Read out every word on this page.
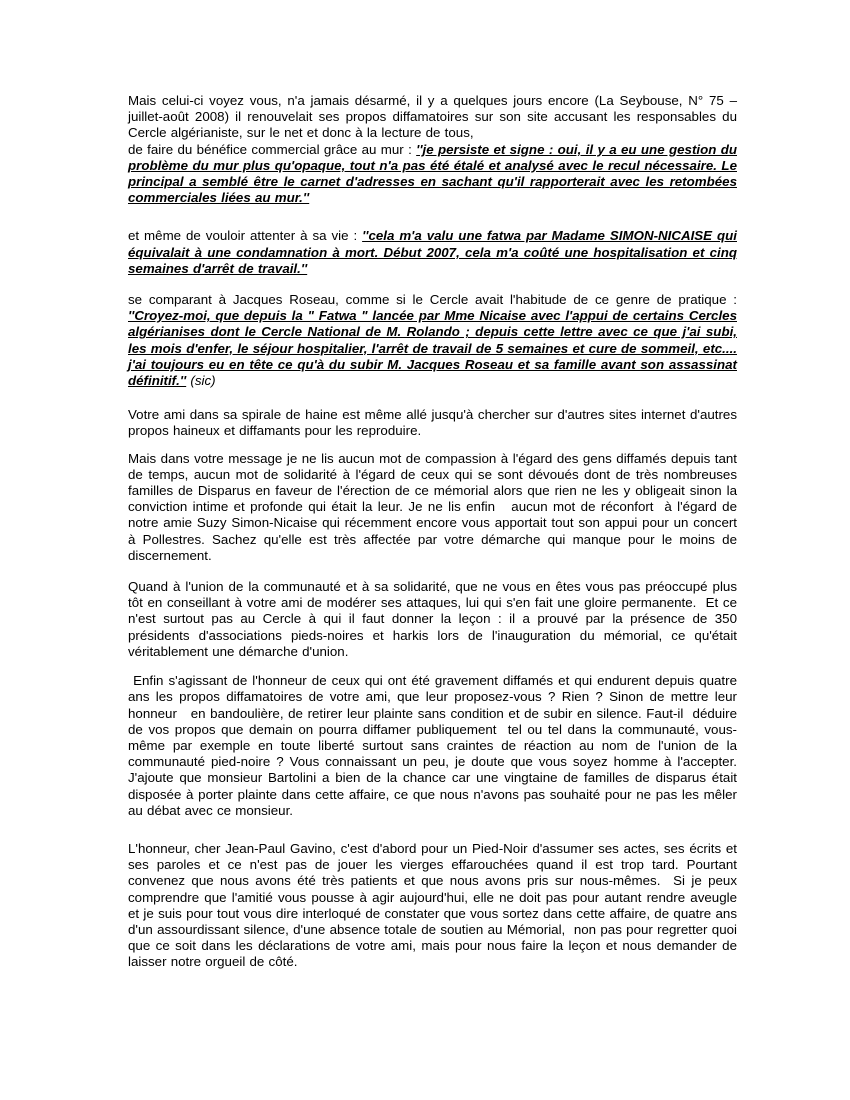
Mais celui-ci voyez vous, n'a jamais désarmé, il y a quelques jours encore (La Seybouse, N° 75 – juillet-août 2008) il renouvelait ses propos diffamatoires sur son site accusant les responsables du Cercle algérianiste, sur le net et donc à la lecture de tous,
de faire du bénéfice commercial grâce au mur : ''je persiste et signe : oui, il y a eu une gestion du problème du mur plus qu'opaque, tout n'a pas été étalé et analysé avec le recul nécessaire. Le principal a semblé être le carnet d'adresses en sachant qu'il rapporterait avec les retombées commerciales liées au mur.''

et même de vouloir attenter à sa vie : ''cela m'a valu une fatwa par Madame SIMON-NICAISE qui équivalait à une condamnation à mort. Début 2007, cela m'a coûté une hospitalisation et cinq semaines d'arrêt de travail.''

se comparant à Jacques Roseau, comme si le Cercle avait l'habitude de ce genre de pratique : ''Croyez-moi, que depuis la " Fatwa " lancée par Mme Nicaise avec l'appui de certains Cercles algérianises dont le Cercle National de M. Rolando ; depuis cette lettre avec ce que j'ai subi, les mois d'enfer, le séjour hospitalier, l'arrêt de travail de 5 semaines et cure de sommeil, etc.... j'ai toujours eu en tête ce qu'à du subir M. Jacques Roseau et sa famille avant son assassinat définitif.'' (sic)

Votre ami dans sa spirale de haine est même allé jusqu'à chercher sur d'autres sites internet d'autres propos haineux et diffamants pour les reproduire.

Mais dans votre message je ne lis aucun mot de compassion à l'égard des gens diffamés depuis tant de temps, aucun mot de solidarité à l'égard de ceux qui se sont dévoués dont de très nombreuses familles de Disparus en faveur de l'érection de ce mémorial alors que rien ne les y obligeait sinon la conviction intime et profonde qui était la leur. Je ne lis enfin   aucun mot de réconfort  à l'égard de notre amie Suzy Simon-Nicaise qui récemment encore vous apportait tout son appui pour un concert à Pollestres. Sachez qu'elle est très affectée par votre démarche qui manque pour le moins de discernement.

Quand à l'union de la communauté et à sa solidarité, que ne vous en êtes vous pas préoccupé plus tôt en conseillant à votre ami de modérer ses attaques, lui qui s'en fait une gloire permanente.  Et ce n'est surtout pas au Cercle à qui il faut donner la leçon : il a prouvé par la présence de 350 présidents d'associations pieds-noires et harkis lors de l'inauguration du mémorial, ce qu'était véritablement une démarche d'union.

Enfin s'agissant de l'honneur de ceux qui ont été gravement diffamés et qui endurent depuis quatre ans les propos diffamatoires de votre ami, que leur proposez-vous ? Rien ? Sinon de mettre leur honneur   en bandoulière, de retirer leur plainte sans condition et de subir en silence. Faut-il  déduire de vos propos que demain on pourra diffamer publiquement  tel ou tel dans la communauté, vous-même par exemple en toute liberté surtout sans craintes de réaction au nom de l'union de la communauté pied-noire ? Vous connaissant un peu, je doute que vous soyez homme à l'accepter. J'ajoute que monsieur Bartolini a bien de la chance car une vingtaine de familles de disparus était disposée à porter plainte dans cette affaire, ce que nous n'avons pas souhaité pour ne pas les mêler au débat avec ce monsieur.

L'honneur, cher Jean-Paul Gavino, c'est d'abord pour un Pied-Noir d'assumer ses actes, ses écrits et ses paroles et ce n'est pas de jouer les vierges effarouchées quand il est trop tard. Pourtant convenez que nous avons été très patients et que nous avons pris sur nous-mêmes.  Si je peux comprendre que l'amitié vous pousse à agir aujourd'hui, elle ne doit pas pour autant rendre aveugle et je suis pour tout vous dire interloqué de constater que vous sortez dans cette affaire, de quatre ans d'un assourdissant silence, d'une absence totale de soutien au Mémorial,  non pas pour regretter quoi que ce soit dans les déclarations de votre ami, mais pour nous faire la leçon et nous demander de laisser notre orgueil de côté.
